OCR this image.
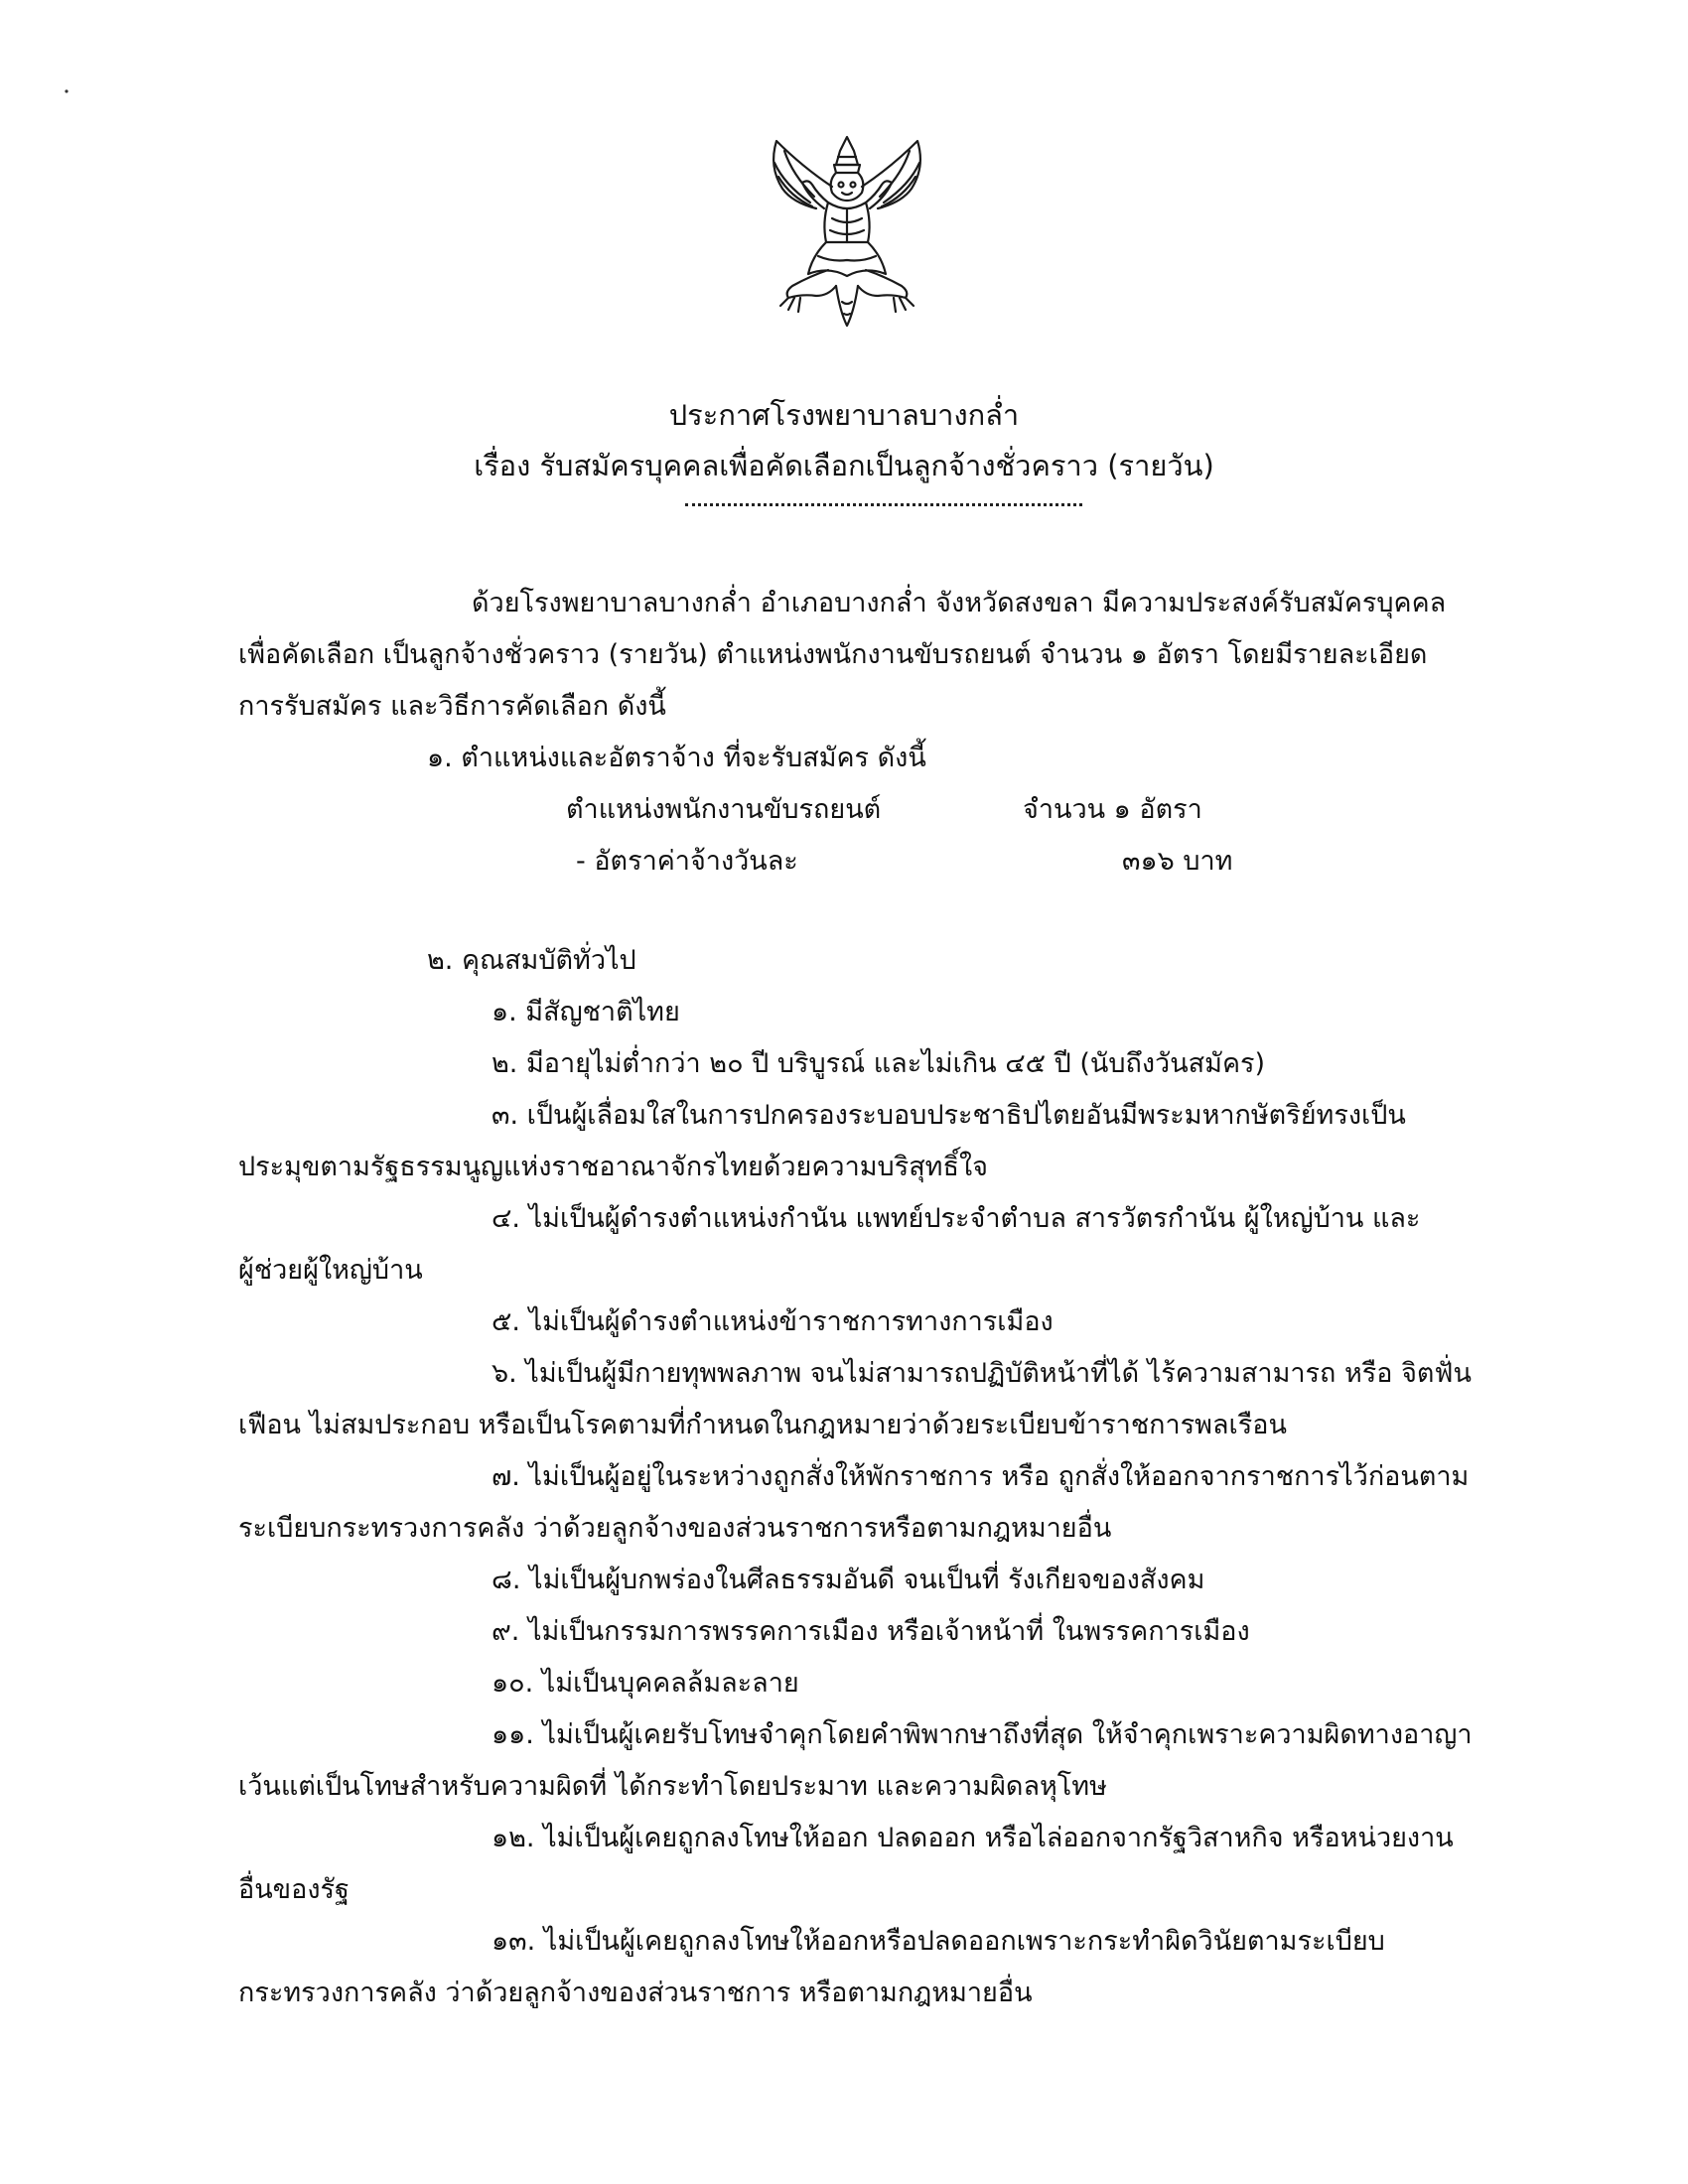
ประกาศโรงพยาบาลบางกล่ำ
เรื่อง รับสมัครบุคคลเพื่อคัดเลือกเป็นลูกจ้างชั่วคราว (รายวัน)
ด้วยโรงพยาบาลบางกล่ำ อำเภอบางกล่ำ จังหวัดสงขลา มีความประสงค์รับสมัครบุคคล
เพื่อคัดเลือก เป็นลูกจ้างชั่วคราว (รายวัน) ตำแหน่งพนักงานขับรถยนต์ จำนวน ๑ อัตรา โดยมีรายละเอียด
การรับสมัคร และวิธีการคัดเลือก ดังนี้
๑. ตำแหน่งและอัตราจ้าง ที่จะรับสมัคร ดังนี้
ตำแหน่งพนักงานขับรถยนต์	จำนวน ๑ อัตรา
- อัตราค่าจ้างวันละ	๓๑๖ บาท
๒. คุณสมบัติทั่วไป
๑. มีสัญชาติไทย
๒. มีอายุไม่ต่ำกว่า ๒๐ ปี บริบูรณ์ และไม่เกิน ๔๕ ปี (นับถึงวันสมัคร)
๓. เป็นผู้เลื่อมใสในการปกครองระบอบประชาธิปไตยอันมีพระมหากษัตริย์ทรงเป็น
ประมุขตามรัฐธรรมนูญแห่งราชอาณาจักรไทยด้วยความบริสุทธิ์ใจ
๔. ไม่เป็นผู้ดำรงตำแหน่งกำนัน แพทย์ประจำตำบล สารวัตรกำนัน ผู้ใหญ่บ้าน และ
ผู้ช่วยผู้ใหญ่บ้าน
๕. ไม่เป็นผู้ดำรงตำแหน่งข้าราชการทางการเมือง
๖. ไม่เป็นผู้มีกายทุพพลภาพ จนไม่สามารถปฏิบัติหน้าที่ได้ ไร้ความสามารถ หรือ จิตฟั่น
เฟือน ไม่สมประกอบ หรือเป็นโรคตามที่กำหนดในกฎหมายว่าด้วยระเบียบข้าราชการพลเรือน
๗. ไม่เป็นผู้อยู่ในระหว่างถูกสั่งให้พักราชการ หรือ ถูกสั่งให้ออกจากราชการไว้ก่อนตาม
ระเบียบกระทรวงการคลัง ว่าด้วยลูกจ้างของส่วนราชการหรือตามกฎหมายอื่น
๘. ไม่เป็นผู้บกพร่องในศีลธรรมอันดี จนเป็นที่ รังเกียจของสังคม
๙. ไม่เป็นกรรมการพรรคการเมือง หรือเจ้าหน้าที่ ในพรรคการเมือง
๑๐. ไม่เป็นบุคคลล้มละลาย
๑๑. ไม่เป็นผู้เคยรับโทษจำคุกโดยคำพิพากษาถึงที่สุด ให้จำคุกเพราะความผิดทางอาญา
เว้นแต่เป็นโทษสำหรับความผิดที่ ได้กระทำโดยประมาท และความผิดลหุโทษ
๑๒. ไม่เป็นผู้เคยถูกลงโทษให้ออก ปลดออก หรือไล่ออกจากรัฐวิสาหกิจ หรือหน่วยงาน
อื่นของรัฐ
๑๓. ไม่เป็นผู้เคยถูกลงโทษให้ออกหรือปลดออกเพราะกระทำผิดวินัยตามระเบียบ
กระทรวงการคลัง ว่าด้วยลูกจ้างของส่วนราชการ หรือตามกฎหมายอื่น
